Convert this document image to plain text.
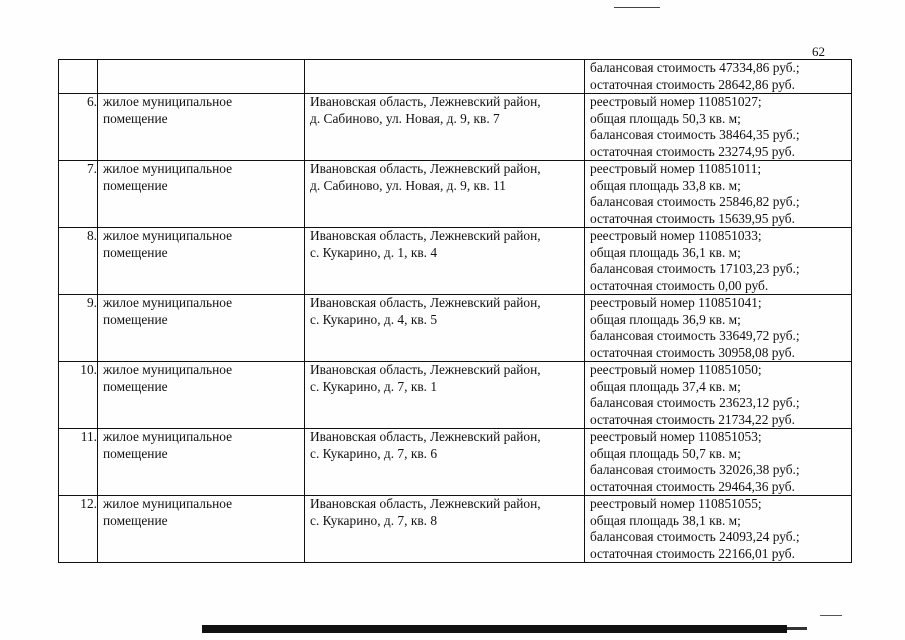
62

			балансовая стоимость 47334,86 руб.;
остаточная стоимость 28642,86 руб.

6.	жилое муниципальное
помещение	Ивановская область, Лежневский район,
д. Сабиново, ул. Новая, д. 9, кв. 7	реестровый номер 110851027;
общая площадь 50,3 кв. м;
балансовая стоимость 38464,35 руб.;
остаточная стоимость 23274,95 руб.

7.	жилое муниципальное
помещение	Ивановская область, Лежневский район,
д. Сабиново, ул. Новая, д. 9, кв. 11	реестровый номер 110851011;
общая площадь 33,8 кв. м;
балансовая стоимость 25846,82 руб.;
остаточная стоимость 15639,95 руб.

8.	жилое муниципальное
помещение	Ивановская область, Лежневский район,
с. Кукарино, д. 1, кв. 4	реестровый номер 110851033;
общая площадь 36,1 кв. м;
балансовая стоимость 17103,23 руб.;
остаточная стоимость 0,00 руб.

9.	жилое муниципальное
помещение	Ивановская область, Лежневский район,
с. Кукарино, д. 4, кв. 5	реестровый номер 110851041;
общая площадь 36,9 кв. м;
балансовая стоимость 33649,72 руб.;
остаточная стоимость 30958,08 руб.

10.	жилое муниципальное
помещение	Ивановская область, Лежневский район,
с. Кукарино, д. 7, кв. 1	реестровый номер 110851050;
общая площадь 37,4 кв. м;
балансовая стоимость 23623,12 руб.;
остаточная стоимость 21734,22 руб.

11.	жилое муниципальное
помещение	Ивановская область, Лежневский район,
с. Кукарино, д. 7, кв. 6	реестровый номер 110851053;
общая площадь 50,7 кв. м;
балансовая стоимость 32026,38 руб.;
остаточная стоимость 29464,36 руб.

12.	жилое муниципальное
помещение	Ивановская область, Лежневский район,
с. Кукарино, д. 7, кв. 8	реестровый номер 110851055;
общая площадь 38,1 кв. м;
балансовая стоимость 24093,24 руб.;
остаточная стоимость 22166,01 руб.
